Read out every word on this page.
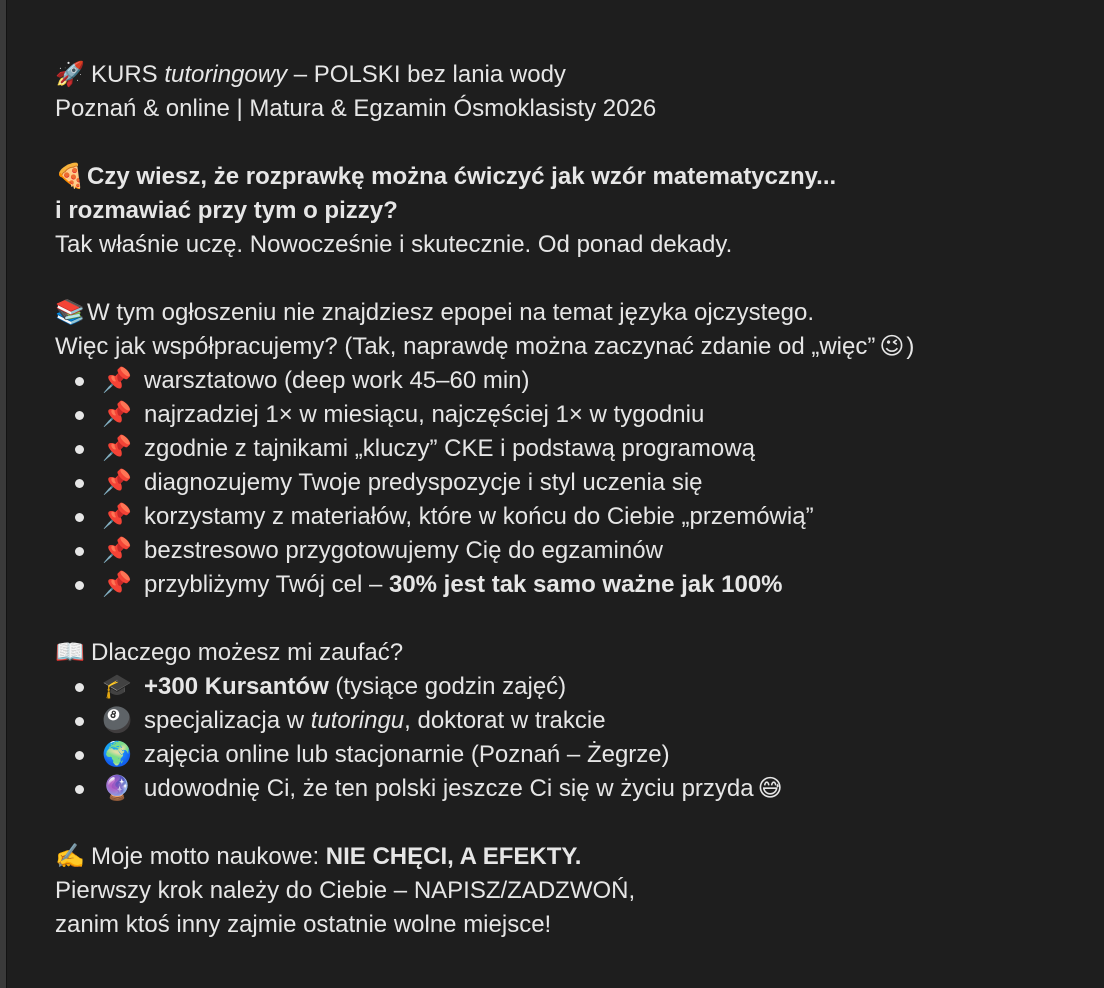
🚀 KURS tutoringowy – POLSKI bez lania wody
Poznań & online | Matura & Egzamin Ósmoklasisty 2026
🍕Czy wiesz, że rozprawkę można ćwiczyć jak wzór matematyczny...
i rozmawiać przy tym o pizzy?
Tak właśnie uczę. Nowocześnie i skutecznie. Od ponad dekady.
📚W tym ogłoszeniu nie znajdziesz epopei na temat języka ojczystego.
Więc jak współpracujemy? (Tak, naprawdę można zaczynać zdanie od „więc” 😉)
📌 warsztatowo (deep work 45–60 min)
📌 najrzadziej 1× w miesiącu, najczęściej 1× w tygodniu
📌 zgodnie z tajnikami „kluczy” CKE i podstawą programową
📌 diagnozujemy Twoje predyspozycje i styl uczenia się
📌 korzystamy z materiałów, które w końcu do Ciebie „przemówią”
📌 bezstresowo przygotowujemy Cię do egzaminów
📌 przybliżymy Twój cel – 30% jest tak samo ważne jak 100%
📖 Dlaczego możesz mi zaufać?
🎓 +300 Kursantów (tysiące godzin zajęć)
🎱 specjalizacja w tutoringu, doktorat w trakcie
🌍 zajęcia online lub stacjonarnie (Poznań – Żegrze)
🔮 udowodnię Ci, że ten polski jeszcze Ci się w życiu przyda 😅
✍️ Moje motto naukowe: NIE CHĘCI, A EFEKTY.
Pierwszy krok należy do Ciebie – NAPISZ/ZADZWOŃ,
zanim ktoś inny zajmie ostatnie wolne miejsce!
